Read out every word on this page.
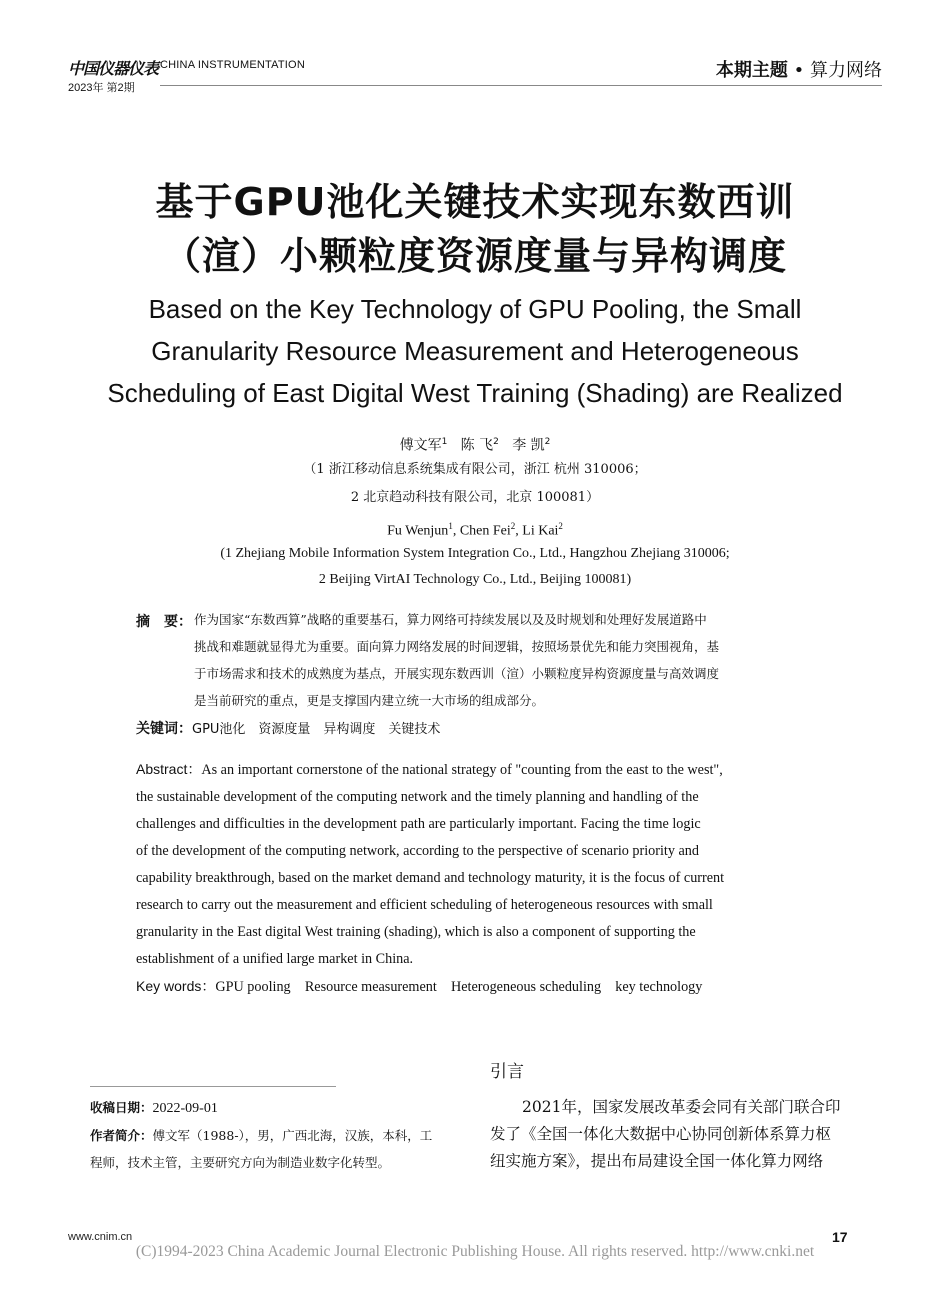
中国仪器仪表 CHINA INSTRUMENTATION
2023年 第2期
本期主题 • 算力网络
基于GPU池化关键技术实现东数西训
（渲）小颗粒度资源度量与异构调度
Based on the Key Technology of GPU Pooling, the Small
Granularity Resource Measurement and Heterogeneous
Scheduling of East Digital West Training (Shading) are Realized
傅文军$^1$ 陈 飞$^2$ 李 凯$^2$
（1 浙江移动信息系统集成有限公司，浙江 杭州 310006；
2 北京趋动科技有限公司，北京 100081）
Fu Wenjun$^1$, Chen Fei$^2$, Li Kai$^2$
(1 Zhejiang Mobile Information System Integration Co., Ltd., Hangzhou Zhejiang 310006;
2 Beijing VirtAI Technology Co., Ltd., Beijing 100081)
摘　要： 作为国家“东数西算”战略的重要基石，算力网络可持续发展以及及时规划和处理好发展道路中
挑战和难题就显得尤为重要。面向算力网络发展的时间逻辑，按照场景优先和能力突围视角，基
于市场需求和技术的成熟度为基点，开展实现东数西训（渲）小颗粒度异构资源度量与高效调度
是当前研究的重点，更是支撑国内建立统一大市场的组成部分。
关键词：GPU池化　资源度量　异构调度　关键技术
Abstract：As an important cornerstone of the national strategy of "counting from the east to the west",
the sustainable development of the computing network and the timely planning and handling of the
challenges and difficulties in the development path are particularly important. Facing the time logic
of the development of the computing network, according to the perspective of scenario priority and
capability breakthrough, based on the market demand and technology maturity, it is the focus of current
research to carry out the measurement and efficient scheduling of heterogeneous resources with small
granularity in the East digital West training (shading), which is also a component of supporting the
establishment of a unified large market in China.
Key words：GPU pooling　Resource measurement　Heterogeneous scheduling　key technology
引言
2021年，国家发展改革委会同有关部门联合印
发了《全国一体化大数据中心协同创新体系算力枢
纽实施方案》，提出布局建设全国一体化算力网络
收稿日期：2022-09-01
作者简介：傅文军（1988-），男，广西北海，汉族，本科，工
程师，技术主管，主要研究方向为制造业数字化转型。
www.cnim.cn	17
(C)1994-2023 China Academic Journal Electronic Publishing House. All rights reserved. http://www.cnki.net
